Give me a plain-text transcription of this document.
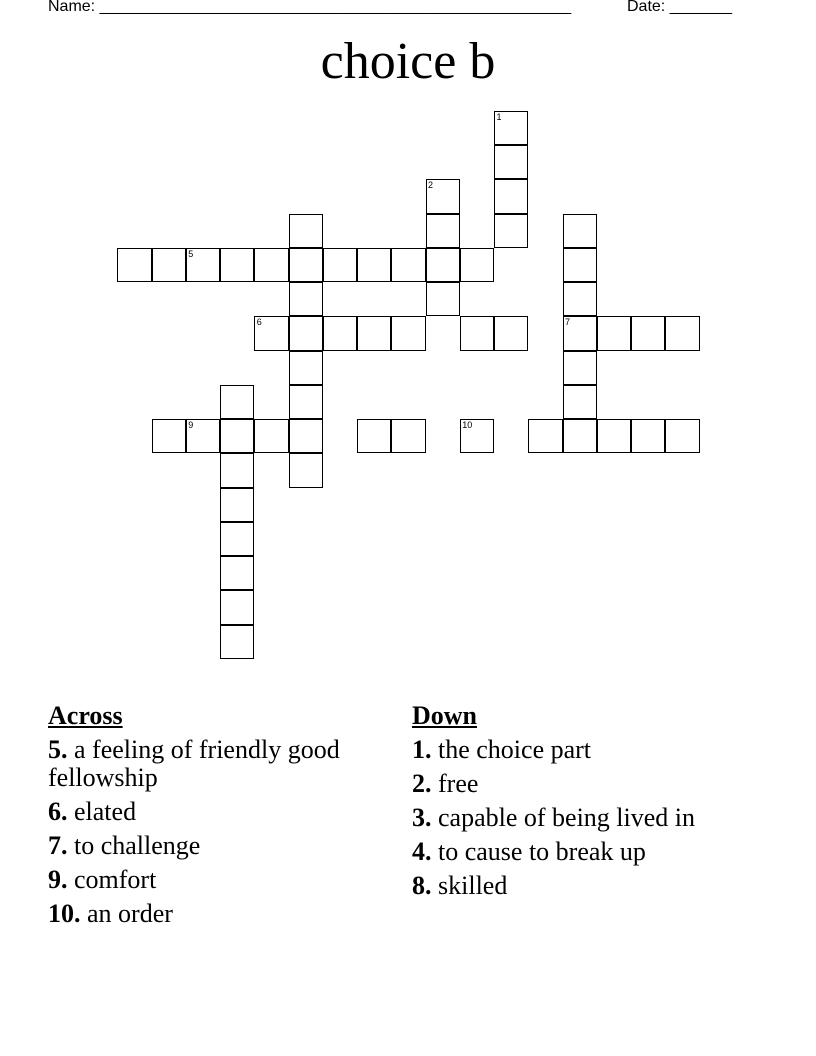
Name: _____________________________________________________	Date: _______
choice b
1
2
7
5
6
9	10
Across
5. a feeling of friendly good fellowship
6. elated
7. to challenge
9. comfort
10. an order
Down
1. the choice part
2. free
3. capable of being lived in
4. to cause to break up
8. skilled
